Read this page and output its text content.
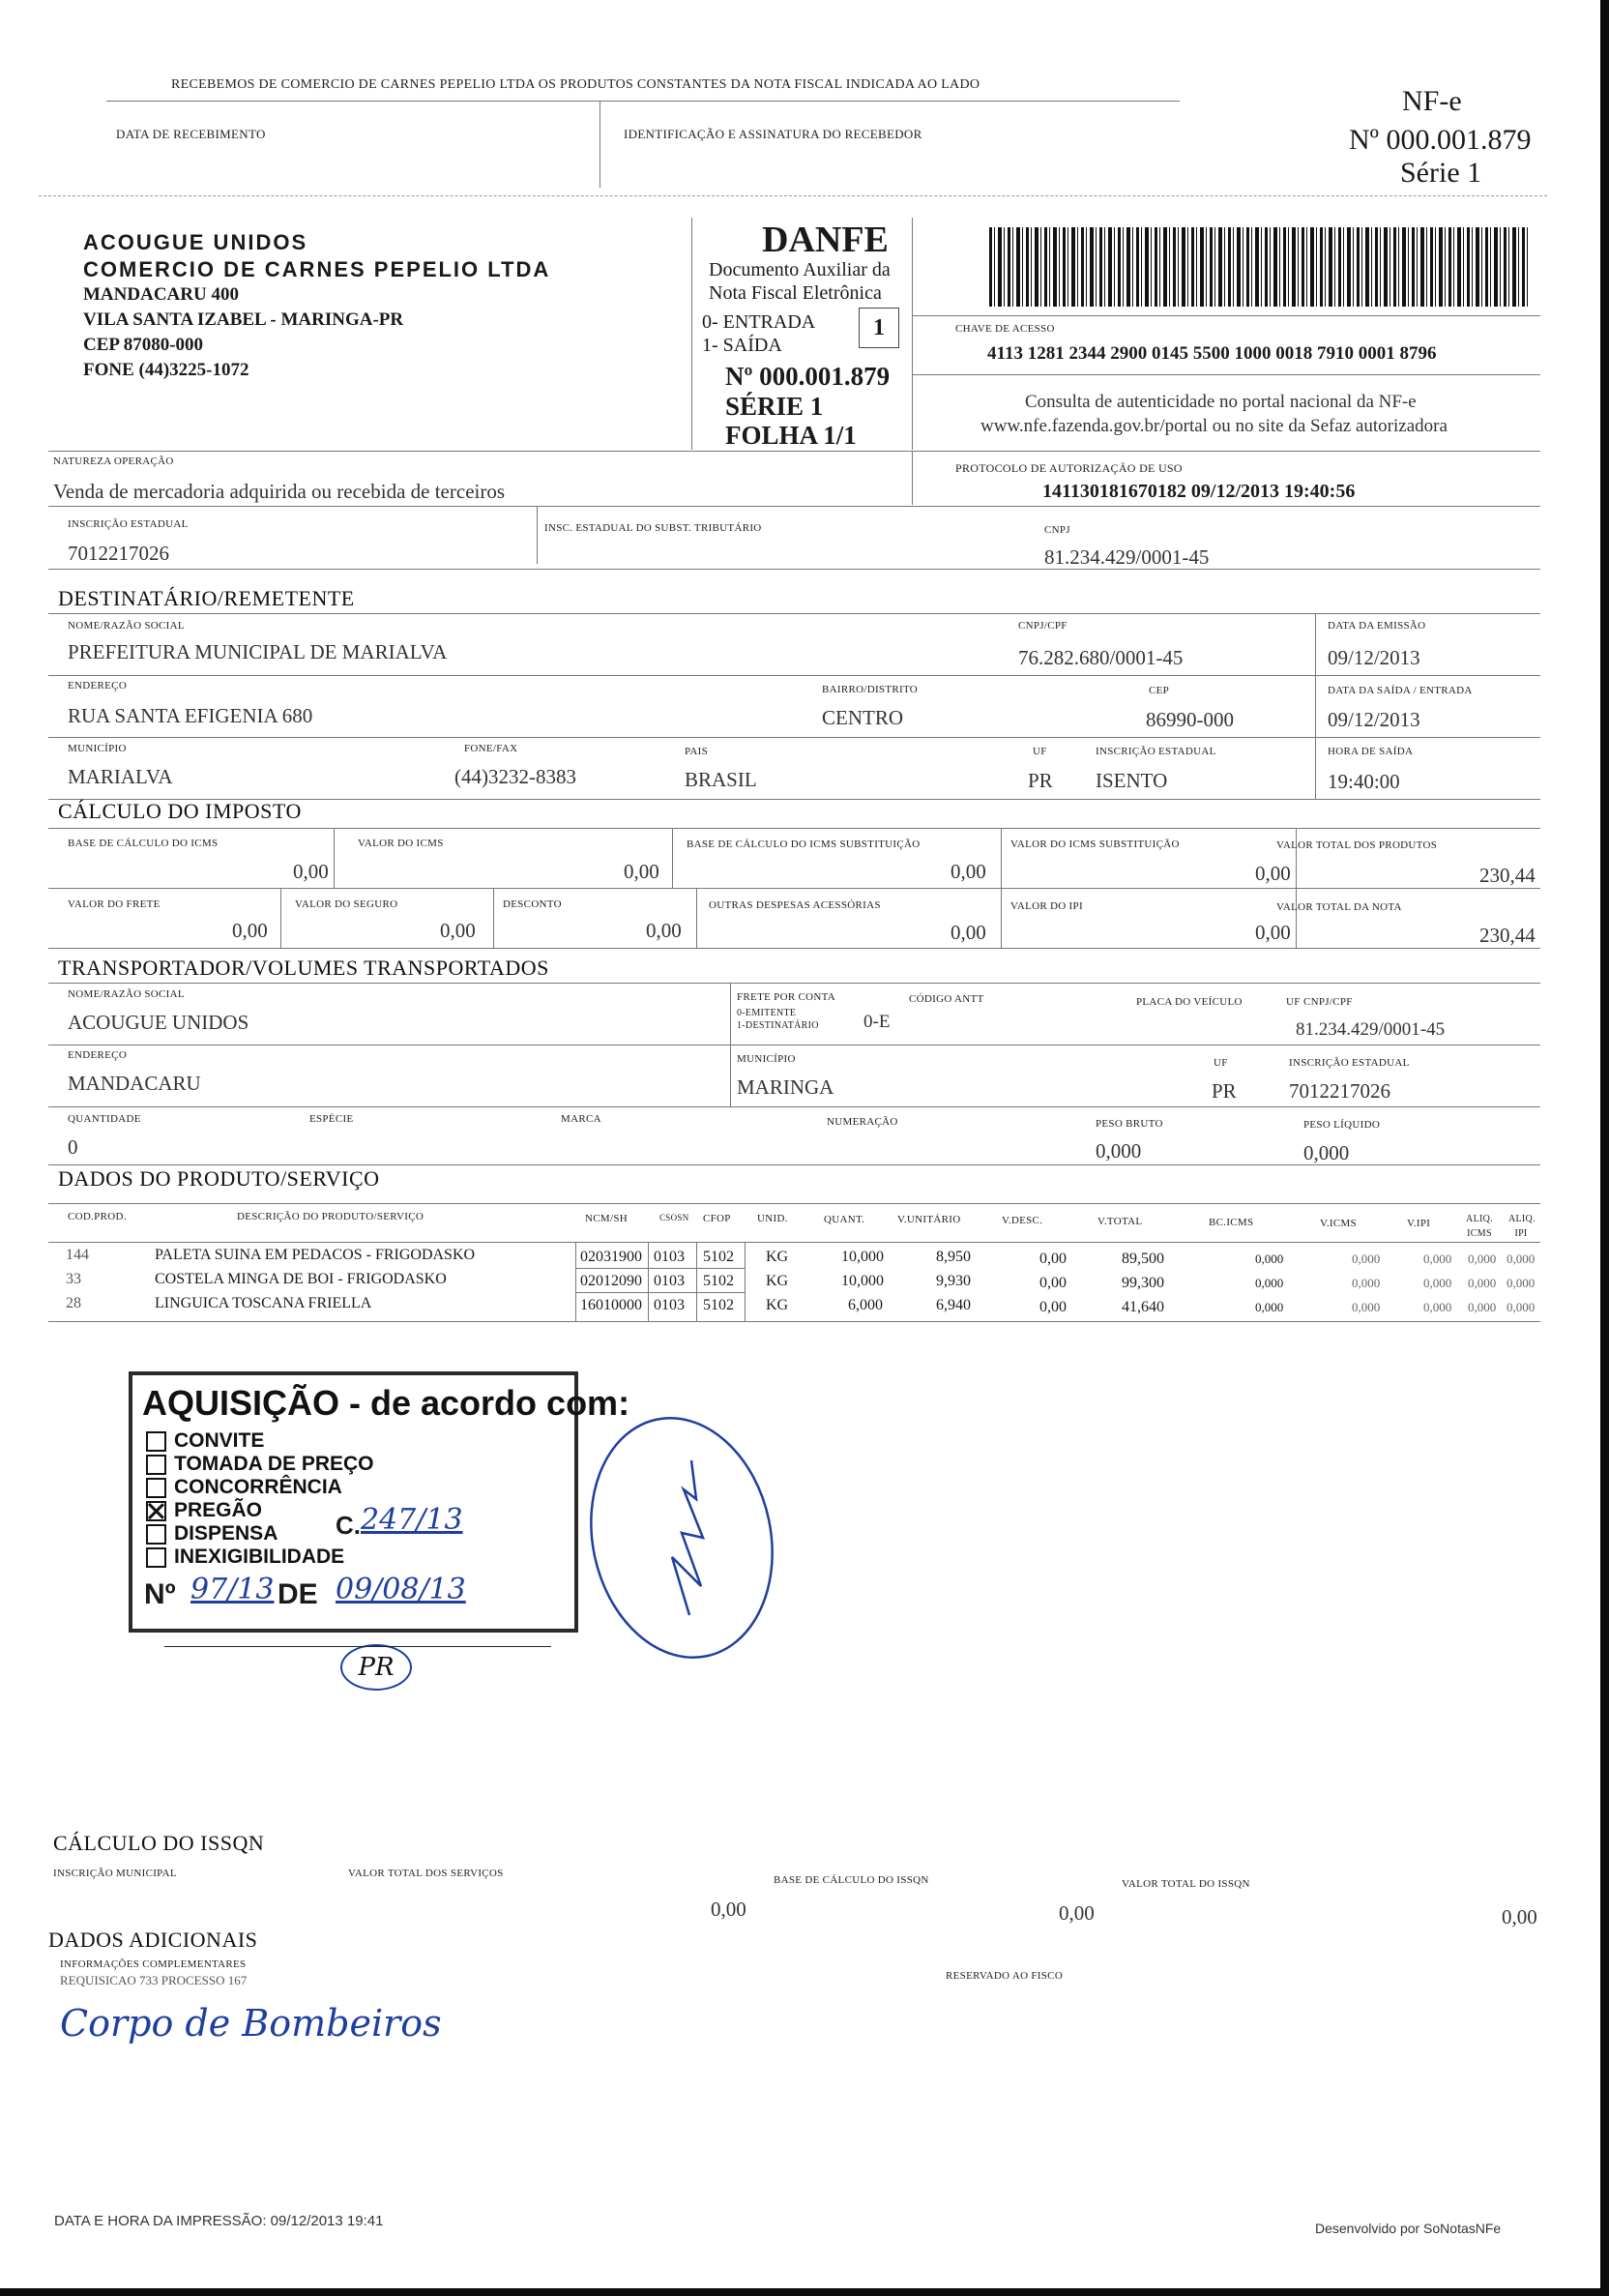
RECEBEMOS DE COMERCIO DE CARNES PEPELIO LTDA OS PRODUTOS CONSTANTES DA NOTA FISCAL INDICADA AO LADO
DATA DE RECEBIMENTO	IDENTIFICAÇÃO E ASSINATURA DO RECEBEDOR
NF-e
Nº 000.001.879
Série 1
ACOUGUE UNIDOS
COMERCIO DE CARNES PEPELIO LTDA
MANDACARU 400
VILA SANTA IZABEL - MARINGA-PR
CEP 87080-000
FONE (44)3225-1072
DANFE
Documento Auxiliar da
Nota Fiscal Eletrônica
0- ENTRADA
1- SAÍDA
1
Nº 000.001.879
SÉRIE 1
FOLHA 1/1
CHAVE DE ACESSO
4113 1281 2344 2900 0145 5500 1000 0018 7910 0001 8796
Consulta de autenticidade no portal nacional da NF-e
www.nfe.fazenda.gov.br/portal ou no site da Sefaz autorizadora
NATUREZA OPERAÇÃO
Venda de mercadoria adquirida ou recebida de terceiros
PROTOCOLO DE AUTORIZAÇÃO DE USO
141130181670182 09/12/2013 19:40:56
INSCRIÇÃO ESTADUAL
7012217026
INSC. ESTADUAL DO SUBST. TRIBUTÁRIO	CNPJ
81.234.429/0001-45
DESTINATÁRIO/REMETENTE
NOME/RAZÃO SOCIAL
PREFEITURA MUNICIPAL DE MARIALVA
CNPJ/CPF
76.282.680/0001-45
DATA DA EMISSÃO
09/12/2013
ENDEREÇO
RUA SANTA EFIGENIA 680
BAIRRO/DISTRITO
CENTRO
CEP
86990-000
DATA DA SAÍDA / ENTRADA
09/12/2013
MUNICÍPIO
MARIALVA
FONE/FAX
(44)3232-8383
PAIS
BRASIL
UF
PR
INSCRIÇÃO ESTADUAL
ISENTO
HORA DE SAÍDA
19:40:00
CÁLCULO DO IMPOSTO
BASE DE CÁLCULO DO ICMS
0,00
VALOR DO ICMS
0,00
BASE DE CÁLCULO DO ICMS SUBSTITUIÇÃO
0,00
VALOR DO ICMS SUBSTITUIÇÃO
0,00
VALOR TOTAL DOS PRODUTOS
230,44
VALOR DO FRETE
0,00
VALOR DO SEGURO
0,00
DESCONTO
0,00
OUTRAS DESPESAS ACESSÓRIAS
0,00
VALOR DO IPI
0,00
VALOR TOTAL DA NOTA
230,44
TRANSPORTADOR/VOLUMES TRANSPORTADOS
NOME/RAZÃO SOCIAL
ACOUGUE UNIDOS
FRETE POR CONTA
0-EMITENTE
1-DESTINATÁRIO 0-E
CÓDIGO ANTT	PLACA DO VEÍCULO	UF CNPJ/CPF
81.234.429/0001-45
ENDEREÇO
MANDACARU
MUNICÍPIO
MARINGA
UF
PR
INSCRIÇÃO ESTADUAL
7012217026
QUANTIDADE
0
ESPÉCIE	MARCA	NUMERAÇÃO	PESO BRUTO
0,000
PESO LÍQUIDO
0,000
DADOS DO PRODUTO/SERVIÇO
COD.PROD.	DESCRIÇÃO DO PRODUTO/SERVIÇO	NCM/SH	CSOSN CFOP UNID.	QUANT.	V.UNITÁRIO	V.DESC.	V.TOTAL	BC.ICMS	V.ICMS	V.IPI	ALIQ. ICMS
ALIQ. IPI
144	PALETA SUINA EM PEDACOS - FRIGODASKO	02031900 0103 5102 KG	10,000	8,950	0,00	89,500	0,000	0,000	0,000 0,000 0,000
33	COSTELA MINGA DE BOI - FRIGODASKO	02012090 0103 5102 KG	10,000	9,930	0,00	99,300	0,000	0,000	0,000 0,000 0,000
28	LINGUICA TOSCANA FRIELLA	16010000 0103 5102 KG	6,000	6,940	0,00	41,640	0,000	0,000	0,000 0,000 0,000
AQUISIÇÃO - de acordo com:
CONVITE
TOMADA DE PREÇO
CONCORRÊNCIA
PREGÃO
DISPENSA
INEXIGIBILIDADE
C. 247/13
Nº 97/13 DE 09/08/13
PR
CÁLCULO DO ISSQN
INSCRIÇÃO MUNICIPAL	VALOR TOTAL DOS SERVIÇOS
0,00
BASE DE CÁLCULO DO ISSQN
0,00
VALOR TOTAL DO ISSQN
0,00
DADOS ADICIONAIS
INFORMAÇÕES COMPLEMENTARES
REQUISICAO 733 PROCESSO 167	RESERVADO AO FISCO
Corpo de Bombeiros
DATA E HORA DA IMPRESSÃO: 09/12/2013 19:41	Desenvolvido por SoNotasNFe
